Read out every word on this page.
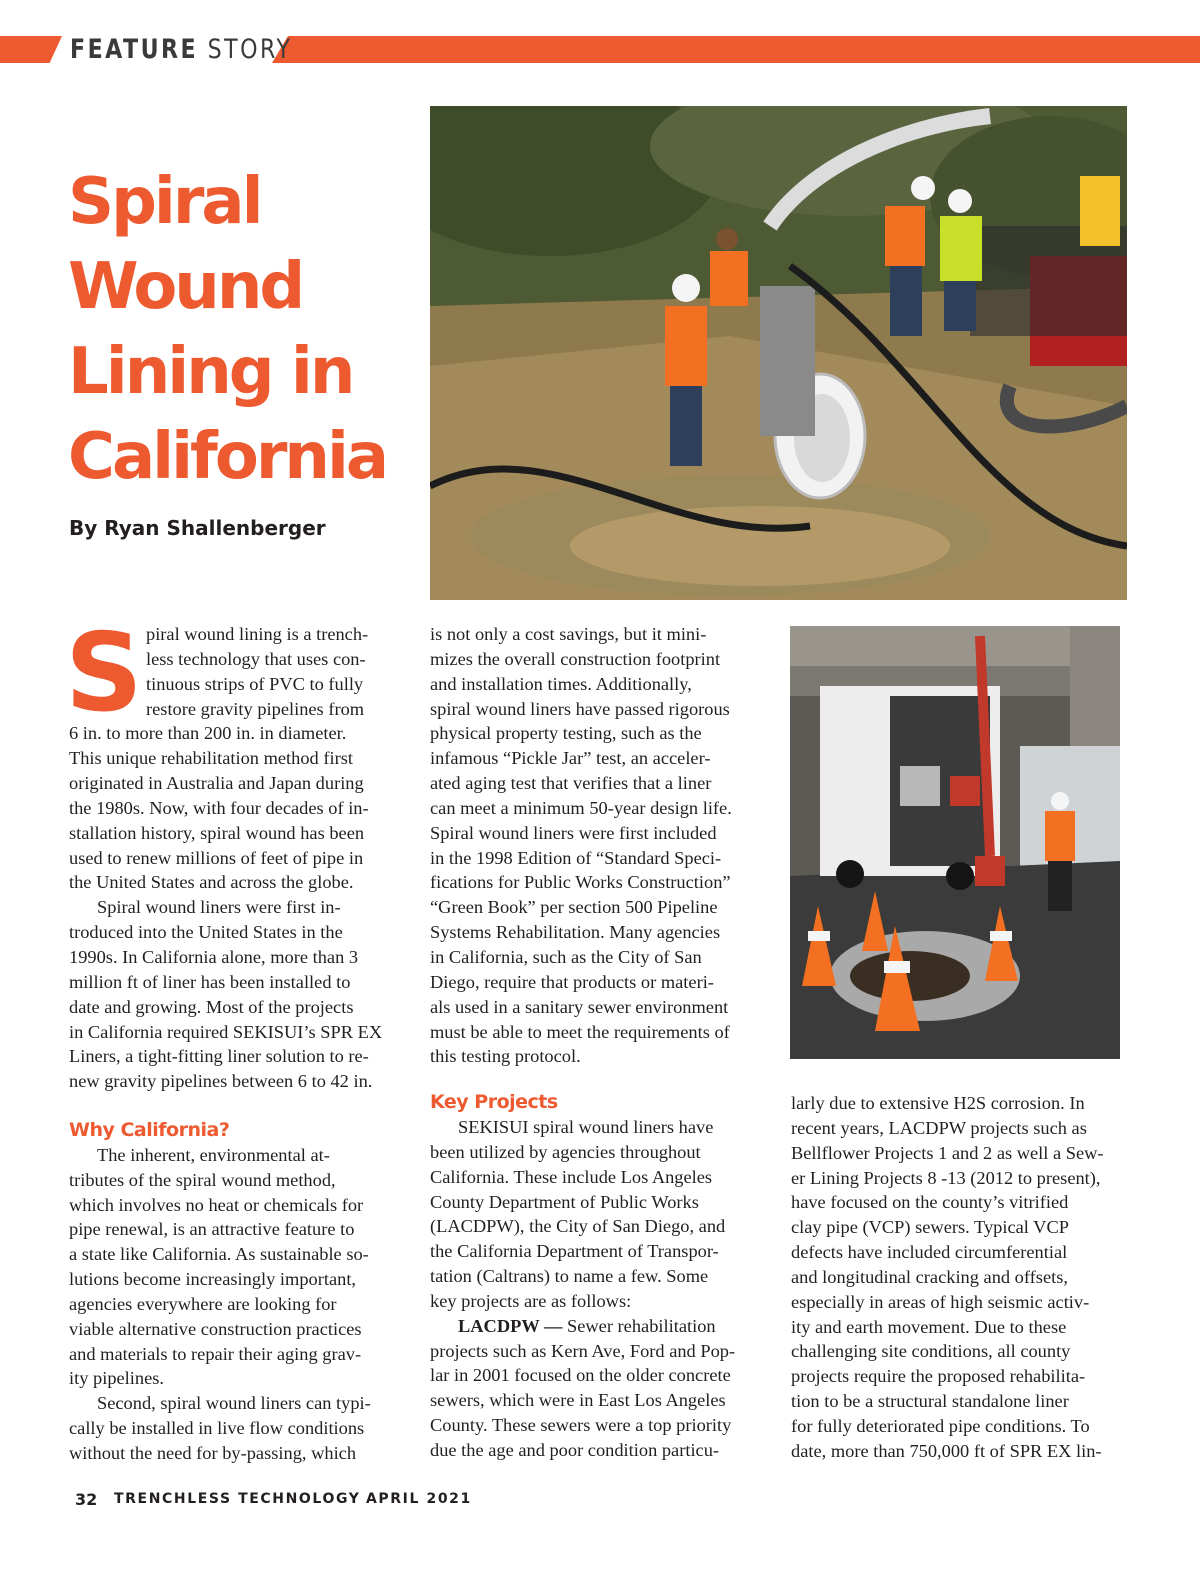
FEATURE STORY
Spiral
Wound
Lining in
California
By Ryan Shallenberger
S piral wound lining is a trench-

less technology that uses con-

tinuous strips of PVC to fully

restore gravity pipelines from

6 in. to more than 200 in. in diameter.

This unique rehabilitation method first

originated in Australia and Japan during

the 1980s. Now, with four decades of in-

stallation history, spiral wound has been

used to renew millions of feet of pipe in

the United States and across the globe.

Spiral wound liners were first in-

troduced into the United States in the

1990s. In California alone, more than 3

million ft of liner has been installed to

date and growing. Most of the projects

in California required SEKISUI’s SPR EX

Liners, a tight-fitting liner solution to re-

new gravity pipelines between 6 to 42 in.

Why California?

The inherent, environmental at-

tributes of the spiral wound method,

which involves no heat or chemicals for

pipe renewal, is an attractive feature to

a state like California. As sustainable so-

lutions become increasingly important,

agencies everywhere are looking for

viable alternative construction practices

and materials to repair their aging grav-

ity pipelines.

Second, spiral wound liners can typi-

cally be installed in live flow conditions

without the need for by-passing, which

is not only a cost savings, but it mini-

mizes the overall construction footprint

and installation times. Additionally,

spiral wound liners have passed rigorous

physical property testing, such as the

infamous “Pickle Jar” test, an acceler-

ated aging test that verifies that a liner

can meet a minimum 50-year design life.

Spiral wound liners were first included

in the 1998 Edition of “Standard Speci-

fications for Public Works Construction”

“Green Book” per section 500 Pipeline

Systems Rehabilitation. Many agencies

in California, such as the City of San

Diego, require that products or materi-

als used in a sanitary sewer environment

must be able to meet the requirements of

this testing protocol.

Key Projects

SEKISUI spiral wound liners have

been utilized by agencies throughout

California. These include Los Angeles

County Department of Public Works

(LACDPW), the City of San Diego, and

the California Department of Transpor-

tation (Caltrans) to name a few. Some

key projects are as follows:

LACDPW — Sewer rehabilitation

projects such as Kern Ave, Ford and Pop-

lar in 2001 focused on the older concrete

sewers, which were in East Los Angeles

County. These sewers were a top priority

due the age and poor condition particu-

larly due to extensive H2S corrosion. In

recent years, LACDPW projects such as

Bellflower Projects 1 and 2 as well a Sew-

er Lining Projects 8 -13 (2012 to present),

have focused on the county’s vitrified

clay pipe (VCP) sewers. Typical VCP

defects have included circumferential

and longitudinal cracking and offsets,

especially in areas of high seismic activ-

ity and earth movement. Due to these

challenging site conditions, all county

projects require the proposed rehabilita-

tion to be a structural standalone liner

for fully deteriorated pipe conditions. To

date, more than 750,000 ft of SPR EX lin-

32 TRENCHLESS TECHNOLOGY APRIL 2021
